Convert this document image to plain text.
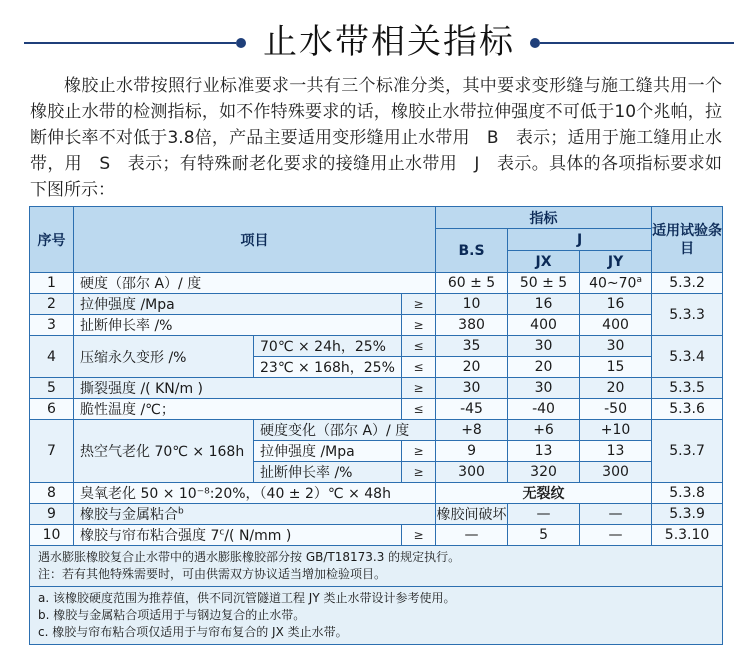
止水带相关指标
橡胶止水带按照行业标准要求一共有三个标准分类，其中要求变形缝与施工缝共用一个橡胶止水带的检测指标，如不作特殊要求的话，橡胶止水带拉伸强度不可低于10个兆帕，拉断伸长率不对低于3.8倍，产品主要适用变形缝用止水带用　B　表示；适用于施工缝用止水带，用　S　表示；有特殊耐老化要求的接缝用止水带用　J　表示。具体的各项指标要求如下图所示：
序号	项目			指标			适用试验条目
				B.S	J		
					JX	JY	
1	硬度（邵尔 A）/ 度			60 ± 5	50 ± 5	40~70$^a$	5.3.2
2	拉伸强度 /Mpa		≥	10	16	16	5.3.3
3	扯断伸长率 /%		≥	380	400	400	
4	压缩永久变形 /%	70℃ × 24h，25%	≤	35	30	30	5.3.4
		23℃ × 168h，25%	≤	20	20	15	
5	撕裂强度 /( KN/m )		≥	30	30	20	5.3.5
6	脆性温度 /℃；		≤	-45	-40	-50	5.3.6
7	热空气老化 70℃ × 168h	硬度变化（邵尔 A）/ 度		+8	+6	+10	5.3.7
		拉伸强度 /Mpa	≥	9	13	13	
		扯断伸长率 /%	≥	300	320	300	
8	臭氧老化 50 × 10⁻⁸:20%，（40 ± 2）℃ × 48h			无裂纹			5.3.8
9	橡胶与金属粘合$^b$			橡胶间破坏	—	—	5.3.9
10	橡胶与帘布粘合强度 7$^c$/( N/mm )		≥	—	5	—	5.3.10

遇水膨胀橡胶复合止水带中的遇水膨胀橡胶部分按 GB/T18173.3 的规定执行。
注：若有其他特殊需要时，可由供需双方协议适当增加检验项目。							

a. 该橡胶硬度范围为推荐值，供不同沉管隧道工程 JY 类止水带设计参考使用。
b. 橡胶与金属粘合项适用于与钢边复合的止水带。
c. 橡胶与帘布粘合项仅适用于与帘布复合的 JX 类止水带。							
